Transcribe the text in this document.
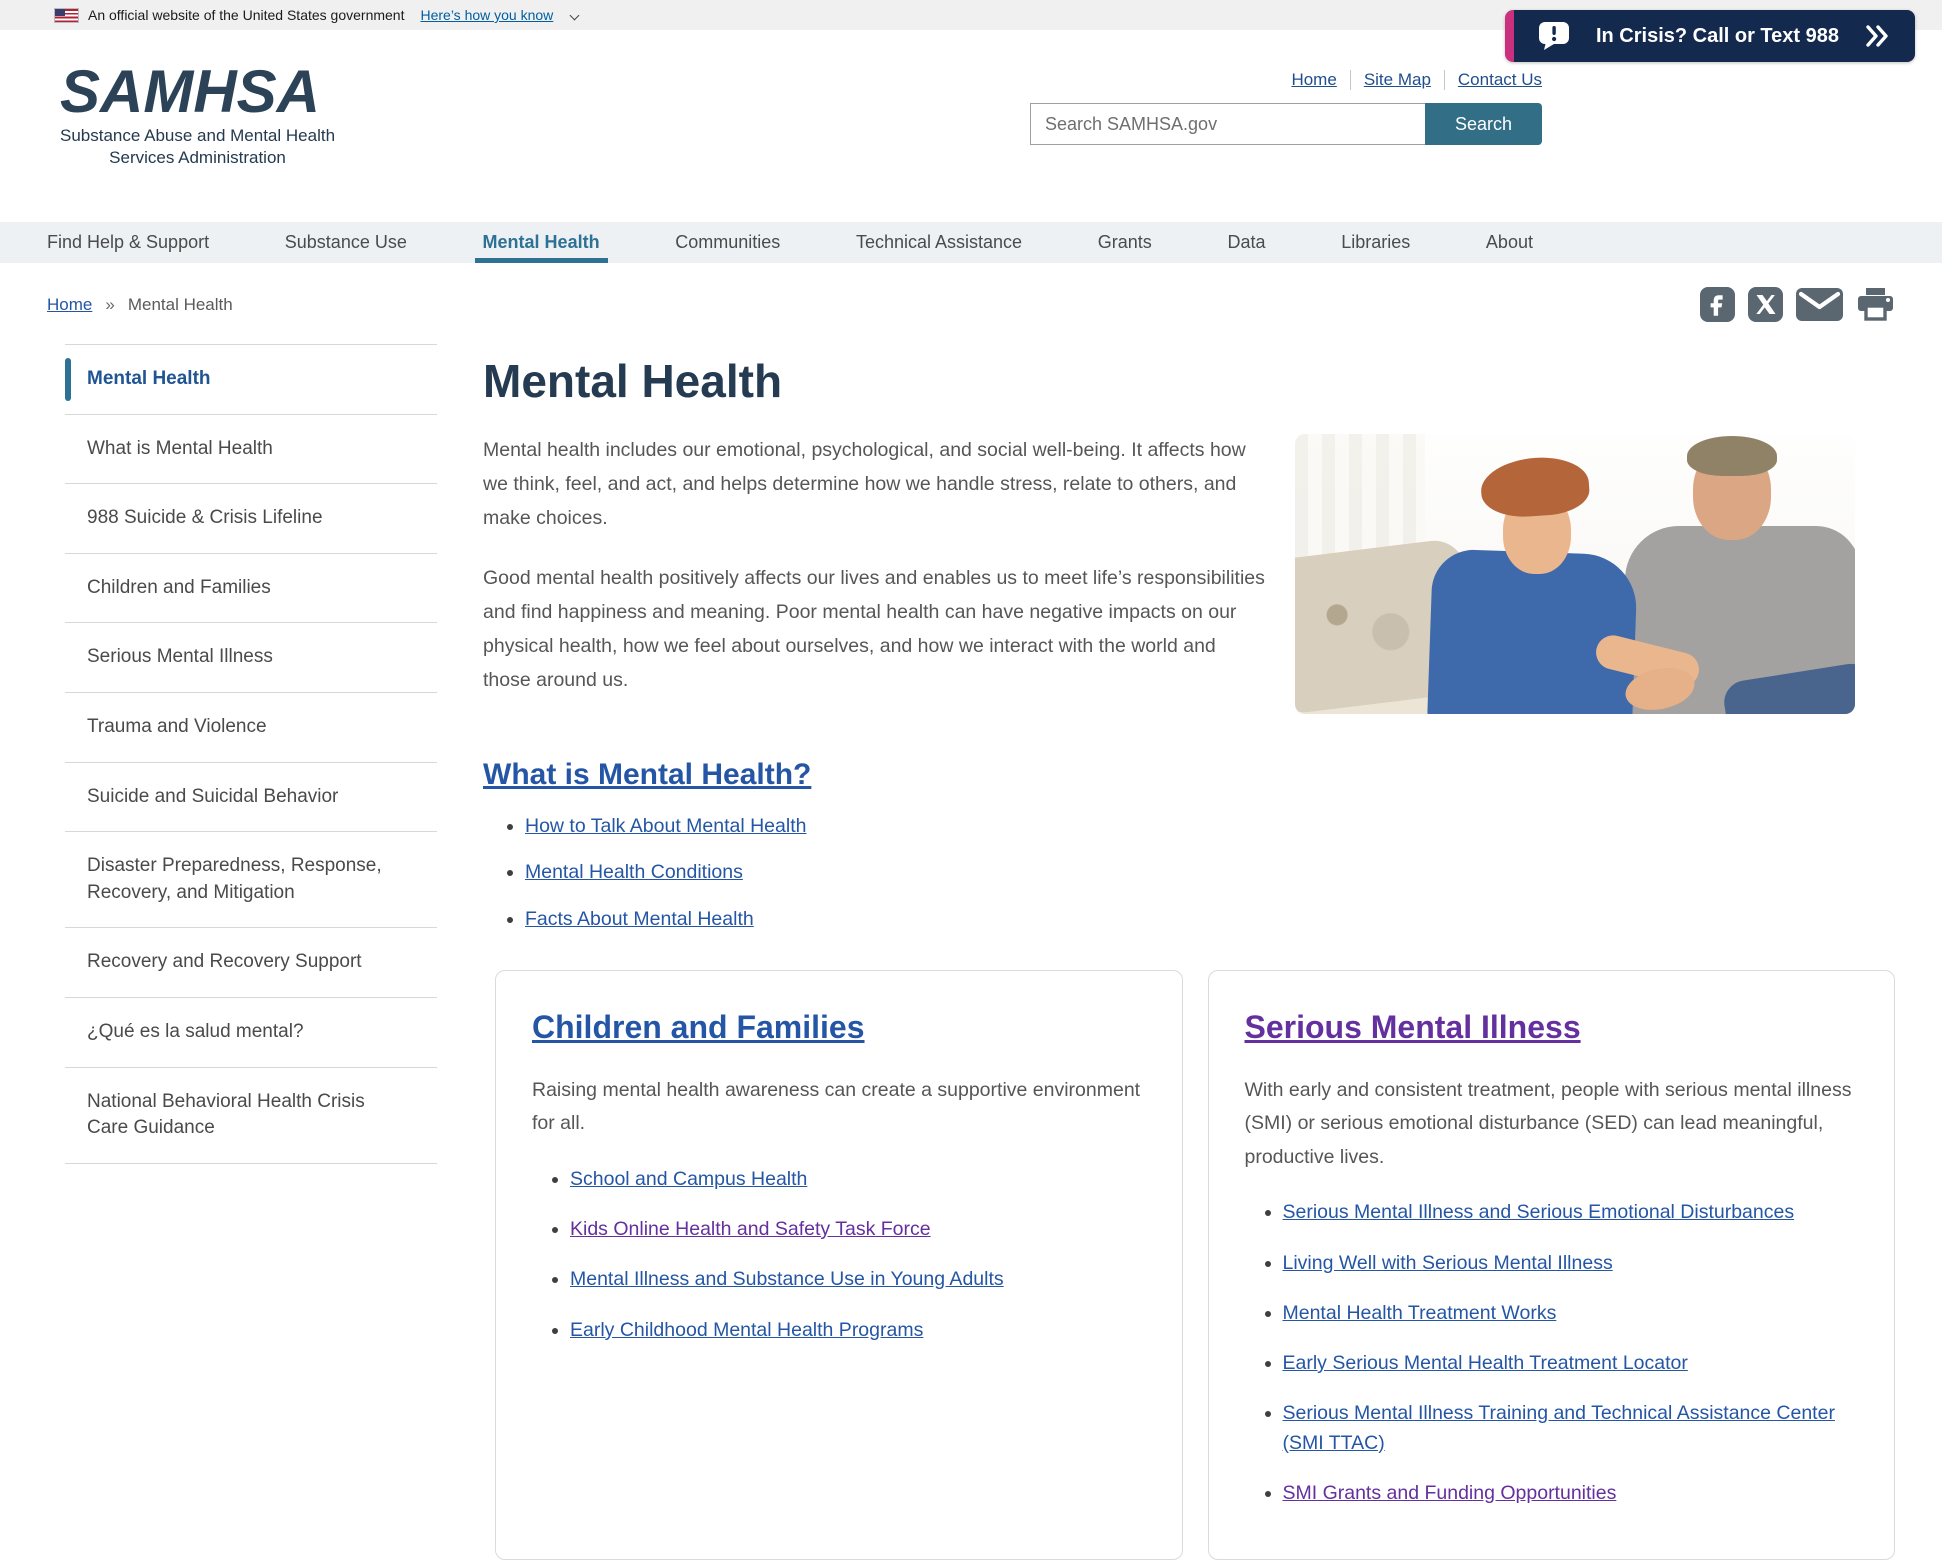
An official website of the United States government Here’s how you know
In Crisis? Call or Text 988
SAMHSA
Substance Abuse and Mental Health
Services Administration
Home	Site Map	Contact Us
Search SAMHSA.gov
Search
Find Help & Support	Substance Use	Mental Health	Communities	Technical Assistance	Grants	Data	Libraries	About
Home » Mental Health
Mental Health
What is Mental Health
988 Suicide & Crisis Lifeline
Children and Families
Serious Mental Illness
Trauma and Violence
Suicide and Suicidal Behavior
Disaster Preparedness, Response, Recovery, and Mitigation
Recovery and Recovery Support
¿Qué es la salud mental?
National Behavioral Health Crisis Care Guidance
Mental Health

Mental health includes our emotional, psychological, and social well-being. It affects how we think, feel, and act, and helps determine how we handle stress, relate to others, and make choices.

Good mental health positively affects our lives and enables us to meet life’s responsibilities and find happiness and meaning. Poor mental health can have negative impacts on our physical health, how we feel about ourselves, and how we interact with the world and those around us.

What is Mental Health?
• How to Talk About Mental Health
• Mental Health Conditions
• Facts About Mental Health
Children and Families

Raising mental health awareness can create a supportive environment for all.

• School and Campus Health
• Kids Online Health and Safety Task Force
• Mental Illness and Substance Use in Young Adults
• Early Childhood Mental Health Programs
Serious Mental Illness

With early and consistent treatment, people with serious mental illness (SMI) or serious emotional disturbance (SED) can lead meaningful, productive lives.

• Serious Mental Illness and Serious Emotional Disturbances
• Living Well with Serious Mental Illness
• Mental Health Treatment Works
• Early Serious Mental Health Treatment Locator
• Serious Mental Illness Training and Technical Assistance Center (SMI TTAC)
• SMI Grants and Funding Opportunities
